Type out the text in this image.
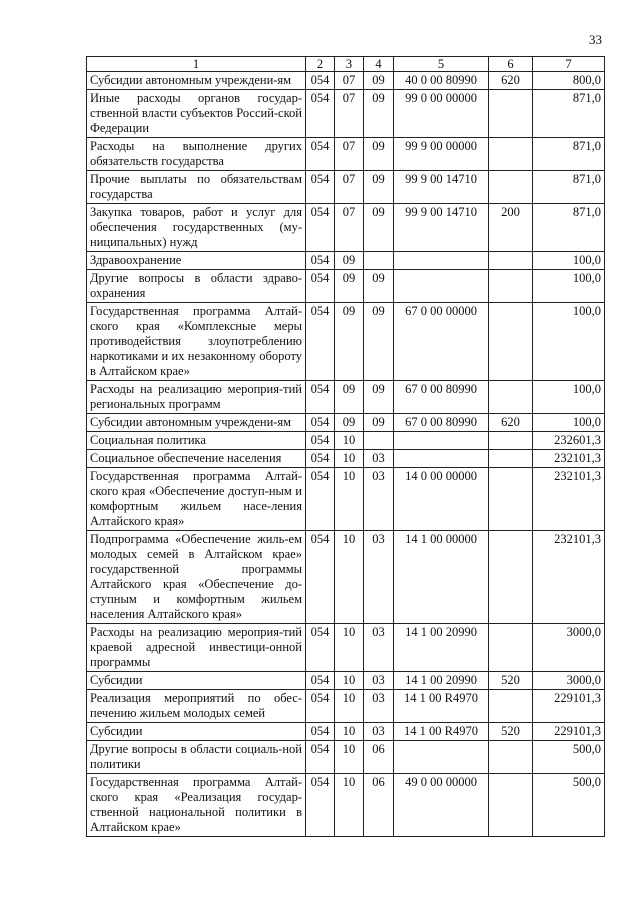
33
1	2	3	4	5	6	7
Субсидии автономным учреждени-ям	054	07	09	40 0 00 80990	620	800,0
Иные расходы органов государ-ственной власти субъектов Россий-ской Федерации	054	07	09	99 0 00 00000		871,0
Расходы на выполнение других обязательств государства	054	07	09	99 9 00 00000		871,0
Прочие выплаты по обязательствам государства	054	07	09	99 9 00 14710		871,0
Закупка товаров, работ и услуг для обеспечения государственных (му-ниципальных) нужд	054	07	09	99 9 00 14710	200	871,0
Здравоохранение	054	09				100,0
Другие вопросы в области здраво-охранения	054	09	09			100,0
Государственная программа Алтай-ского края «Комплексные меры противодействия злоупотреблению наркотиками и их незаконному обороту в Алтайском крае»	054	09	09	67 0 00 00000		100,0
Расходы на реализацию мероприя-тий региональных программ	054	09	09	67 0 00 80990		100,0
Субсидии автономным учреждени-ям	054	09	09	67 0 00 80990	620	100,0
Социальная политика	054	10				232601,3
Социальное обеспечение населения	054	10	03			232101,3
Государственная программа Алтай-ского края «Обеспечение доступ-ным и комфортным жильем насе-ления Алтайского края»	054	10	03	14 0 00 00000		232101,3
Подпрограмма «Обеспечение жиль-ем молодых семей в Алтайском крае» государственной программы Алтайского края «Обеспечение до-ступным и комфортным жильем населения Алтайского края»	054	10	03	14 1 00 00000		232101,3
Расходы на реализацию мероприя-тий краевой адресной инвестици-онной программы	054	10	03	14 1 00 20990		3000,0
Субсидии	054	10	03	14 1 00 20990	520	3000,0
Реализация мероприятий по обес-печению жильем молодых семей	054	10	03	14 1 00 R4970		229101,3
Субсидии	054	10	03	14 1 00 R4970	520	229101,3
Другие вопросы в области социаль-ной политики	054	10	06			500,0
Государственная программа Алтай-ского края «Реализация государ-ственной национальной политики в Алтайском крае»	054	10	06	49 0 00 00000		500,0
